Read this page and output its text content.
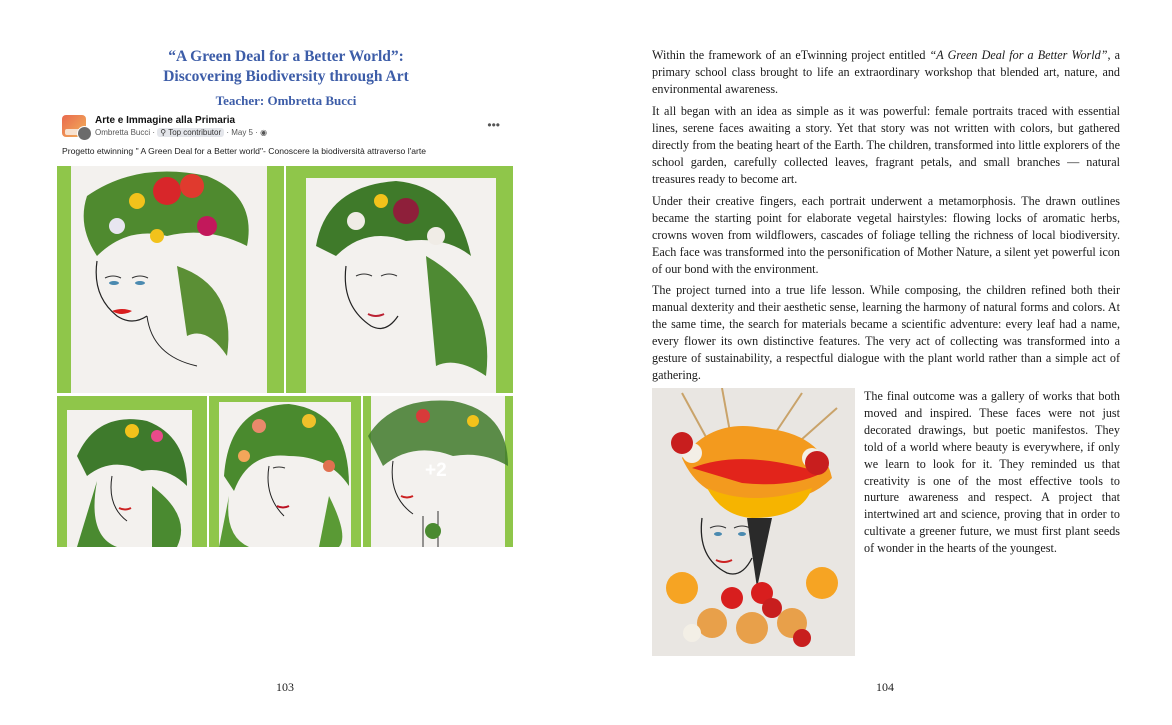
“A Green Deal for a Better World”:
Discovering Biodiversity through Art
Teacher: Ombretta Bucci
Arte e Immagine alla Primaria
Ombretta Bucci · ⚲ Top contributor · May 5 · ◉
•••
Progetto etwinning " A Green Deal for a Better world"- Conoscere la biodiversità attraverso l'arte
+2
103

Within the framework of an eTwinning project entitled “A Green Deal for a Better World”, a primary school class brought to life an extraordinary workshop that blended art, nature, and environmental awareness.

It all began with an idea as simple as it was powerful: female portraits traced with essential lines, serene faces awaiting a story. Yet that story was not written with colors, but gathered directly from the beating heart of the Earth. The children, transformed into little explorers of the school garden, carefully collected leaves, fragrant petals, and small branches — natural treasures ready to become art.

Under their creative fingers, each portrait underwent a metamorphosis. The drawn outlines became the starting point for elaborate vegetal hairstyles: flowing locks of aromatic herbs, crowns woven from wildflowers, cascades of foliage telling the richness of local biodiversity. Each face was transformed into the personification of Mother Nature, a silent yet powerful icon of our bond with the environment.

The project turned into a true life lesson. While composing, the children refined both their manual dexterity and their aesthetic sense, learning the harmony of natural forms and colors. At the same time, the search for materials became a scientific adventure: every leaf had a name, every flower its own distinctive features. The very act of collecting was transformed into a gesture of sustainability, a respectful dialogue with the plant world rather than a simple act of gathering.

The final outcome was a gallery of works that both moved and inspired. These faces were not just decorated drawings, but poetic manifestos. They told of a world where beauty is everywhere, if only we learn to look for it. They reminded us that creativity is one of the most effective tools to nurture awareness and respect. A project that intertwined art and science, proving that in order to cultivate a greener future, we must first plant seeds of wonder in the hearts of the youngest.

104
